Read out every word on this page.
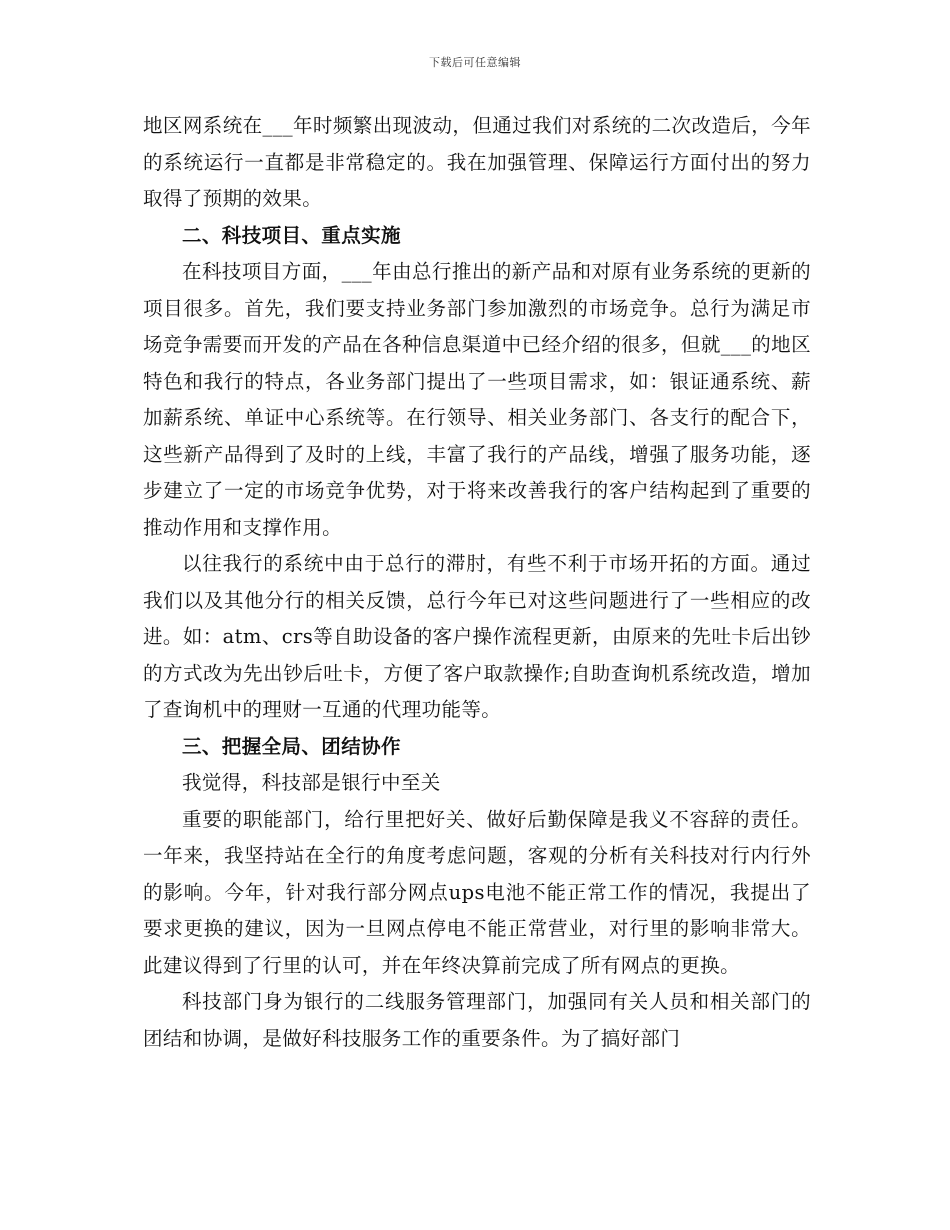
下载后可任意编辑

地区网系统在___年时频繁出现波动，但通过我们对系统的二次改造后，今年的系统运行一直都是非常稳定的。我在加强管理、保障运行方面付出的努力取得了预期的效果。

二、科技项目、重点实施

在科技项目方面，___年由总行推出的新产品和对原有业务系统的更新的项目很多。首先，我们要支持业务部门参加激烈的市场竞争。总行为满足市场竞争需要而开发的产品在各种信息渠道中已经介绍的很多，但就___的地区特色和我行的特点，各业务部门提出了一些项目需求，如：银证通系统、薪加薪系统、单证中心系统等。在行领导、相关业务部门、各支行的配合下，这些新产品得到了及时的上线，丰富了我行的产品线，增强了服务功能，逐步建立了一定的市场竞争优势，对于将来改善我行的客户结构起到了重要的推动作用和支撑作用。

以往我行的系统中由于总行的滞肘，有些不利于市场开拓的方面。通过我们以及其他分行的相关反馈，总行今年已对这些问题进行了一些相应的改进。如：atm、crs等自助设备的客户操作流程更新，由原来的先吐卡后出钞的方式改为先出钞后吐卡，方便了客户取款操作;自助查询机系统改造，增加了查询机中的理财一互通的代理功能等。

三、把握全局、团结协作

我觉得，科技部是银行中至关

重要的职能部门，给行里把好关、做好后勤保障是我义不容辞的责任。一年来，我坚持站在全行的角度考虑问题，客观的分析有关科技对行内行外的影响。今年，针对我行部分网点ups电池不能正常工作的情况，我提出了要求更换的建议，因为一旦网点停电不能正常营业，对行里的影响非常大。此建议得到了行里的认可，并在年终决算前完成了所有网点的更换。

科技部门身为银行的二线服务管理部门，加强同有关人员和相关部门的团结和协调，是做好科技服务工作的重要条件。为了搞好部门
